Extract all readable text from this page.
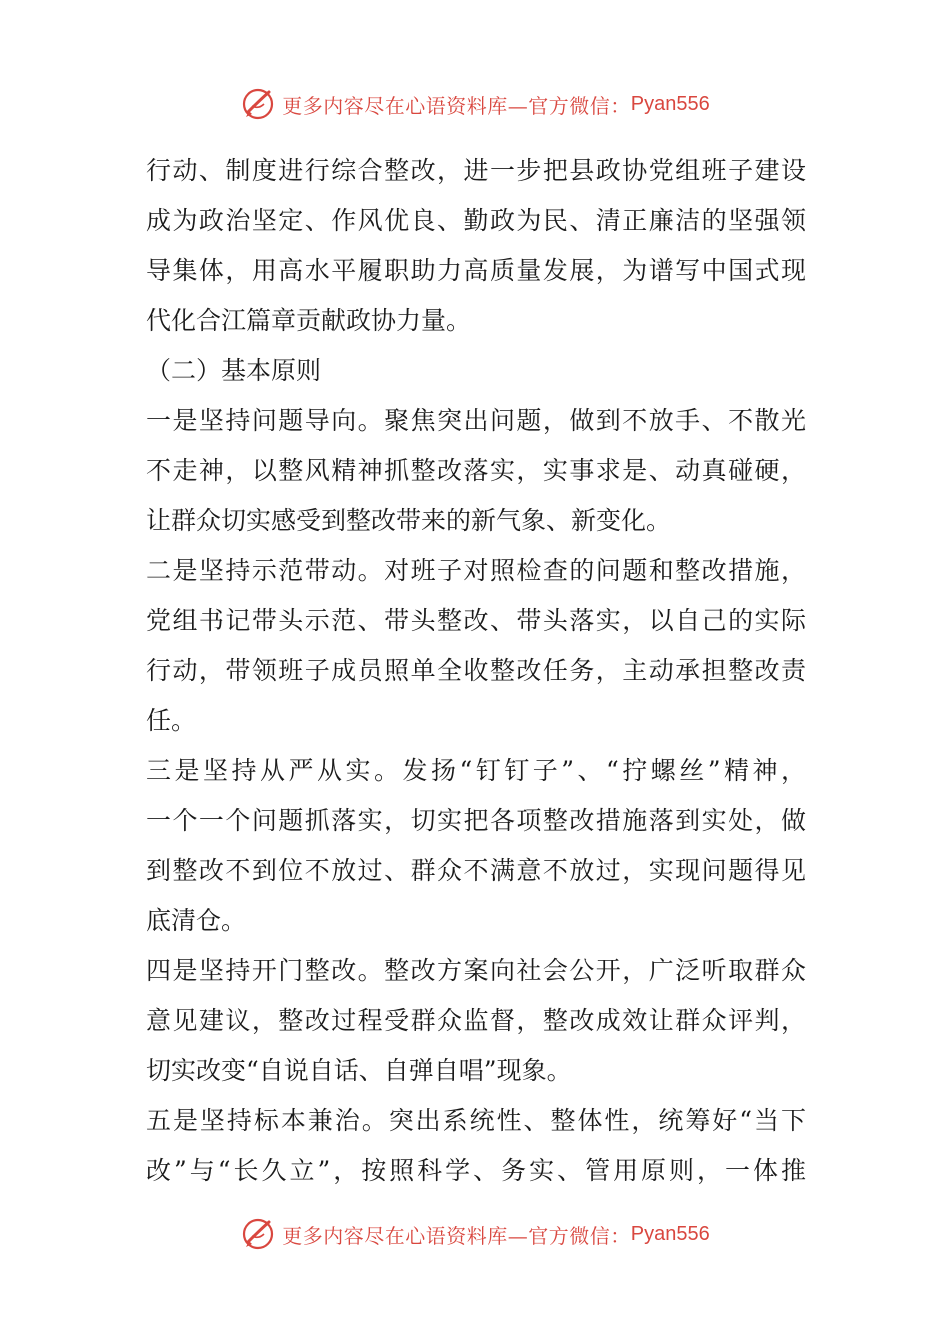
更多内容尽在心语资料库—官方微信： Pyan556
行动、制度进行综合整改，进一步把县政协党组班子建设
成为政治坚定、作风优良、勤政为民、清正廉洁的坚强领
导集体，用高水平履职助力高质量发展，为谱写中国式现
代化合江篇章贡献政协力量。
（二）基本原则
一是坚持问题导向。聚焦突出问题，做到不放手、不散光
不走神，以整风精神抓整改落实，实事求是、动真碰硬，
让群众切实感受到整改带来的新气象、新变化。
二是坚持示范带动。对班子对照检查的问题和整改措施，
党组书记带头示范、带头整改、带头落实，以自己的实际
行动，带领班子成员照单全收整改任务，主动承担整改责
任。
三是坚持从严从实。发扬“钉钉子”、“拧螺丝”精神，
一个一个问题抓落实，切实把各项整改措施落到实处，做
到整改不到位不放过、群众不满意不放过，实现问题得见
底清仓。
四是坚持开门整改。整改方案向社会公开，广泛听取群众
意见建议，整改过程受群众监督，整改成效让群众评判，
切实改变“自说自话、自弹自唱”现象。
五是坚持标本兼治。突出系统性、整体性，统筹好“当下
改”与“长久立”，按照科学、务实、管用原则，一体推
更多内容尽在心语资料库—官方微信： Pyan556
